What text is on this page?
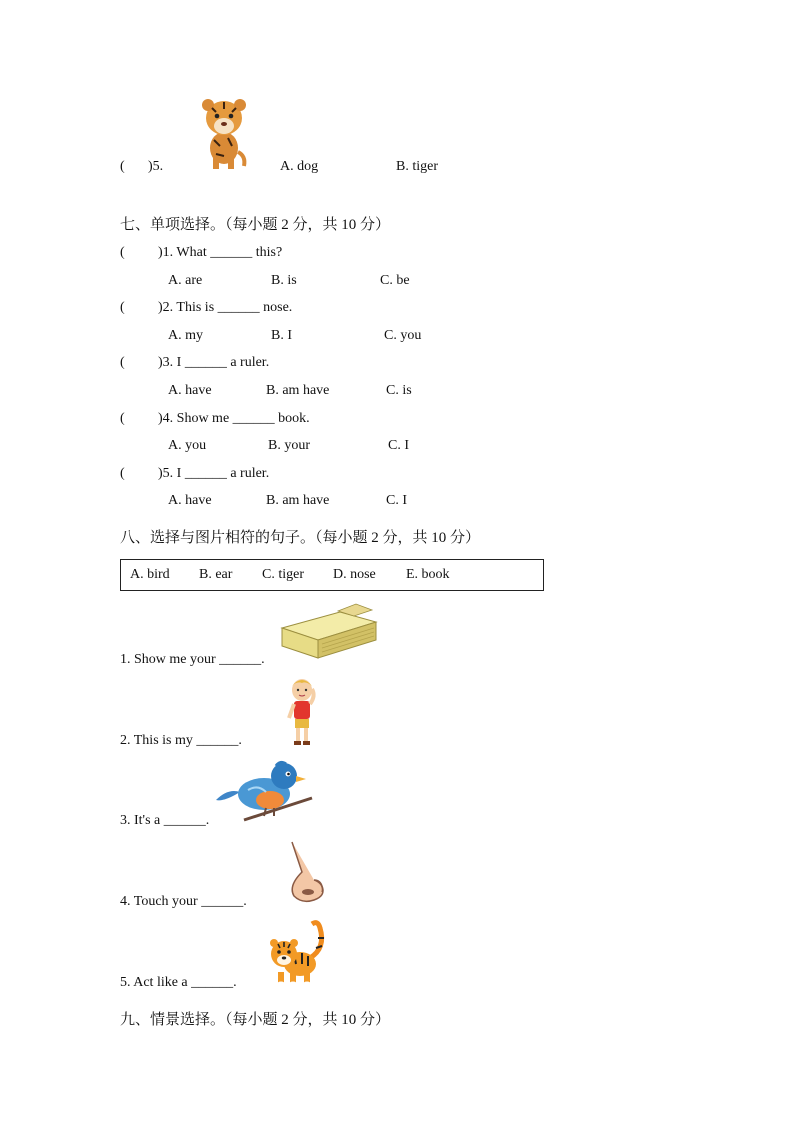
( )5.	A. dog	B. tiger
七、单项选择。（每小题 2 分，共 10 分）
( )1. What ______ this?
A. are	B. is	C. be
( )2. This is ______ nose.
A. my	B. I	C. you
( )3. I ______ a ruler.
A. have	B. am have	C. is
( )4. Show me ______ book.
A. you	B. your	C. I
( )5. I ______ a ruler.
A. have	B. am have	C. I
八、选择与图片相符的句子。（每小题 2 分，共 10 分）
A. bird B. ear C. tiger D. nose E. book
1. Show me your ______.
2. This is my ______.
3. It's a ______.
4. Touch your ______.
5. Act like a ______.
九、情景选择。（每小题 2 分，共 10 分）
